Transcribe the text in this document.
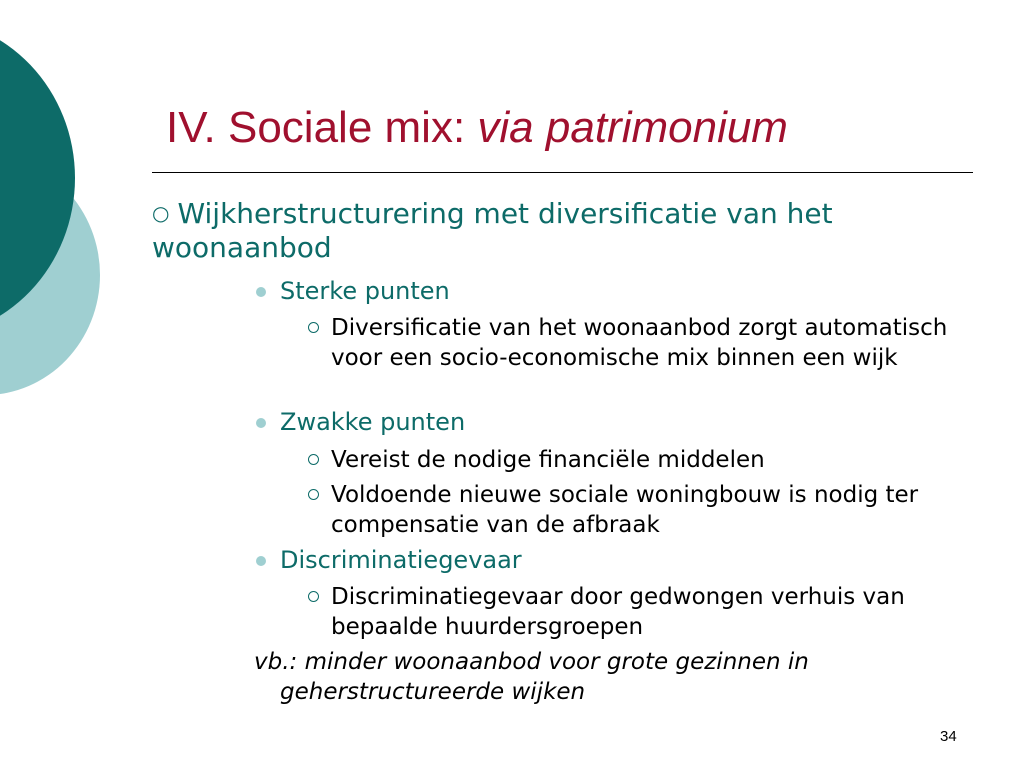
IV. Sociale mix: via patrimonium
○ Wijkherstructurering met diversificatie van het woonaanbod
Sterke punten
Diversificatie van het woonaanbod zorgt automatisch voor een socio-economische mix binnen een wijk
Zwakke punten
Vereist de nodige financiële middelen
Voldoende nieuwe sociale woningbouw is nodig ter compensatie van de afbraak
Discriminatiegevaar
Discriminatiegevaar door gedwongen verhuis van bepaalde huurdersgroepen
vb.: minder woonaanbod voor grote gezinnen in
geherstructureerde wijken
34
